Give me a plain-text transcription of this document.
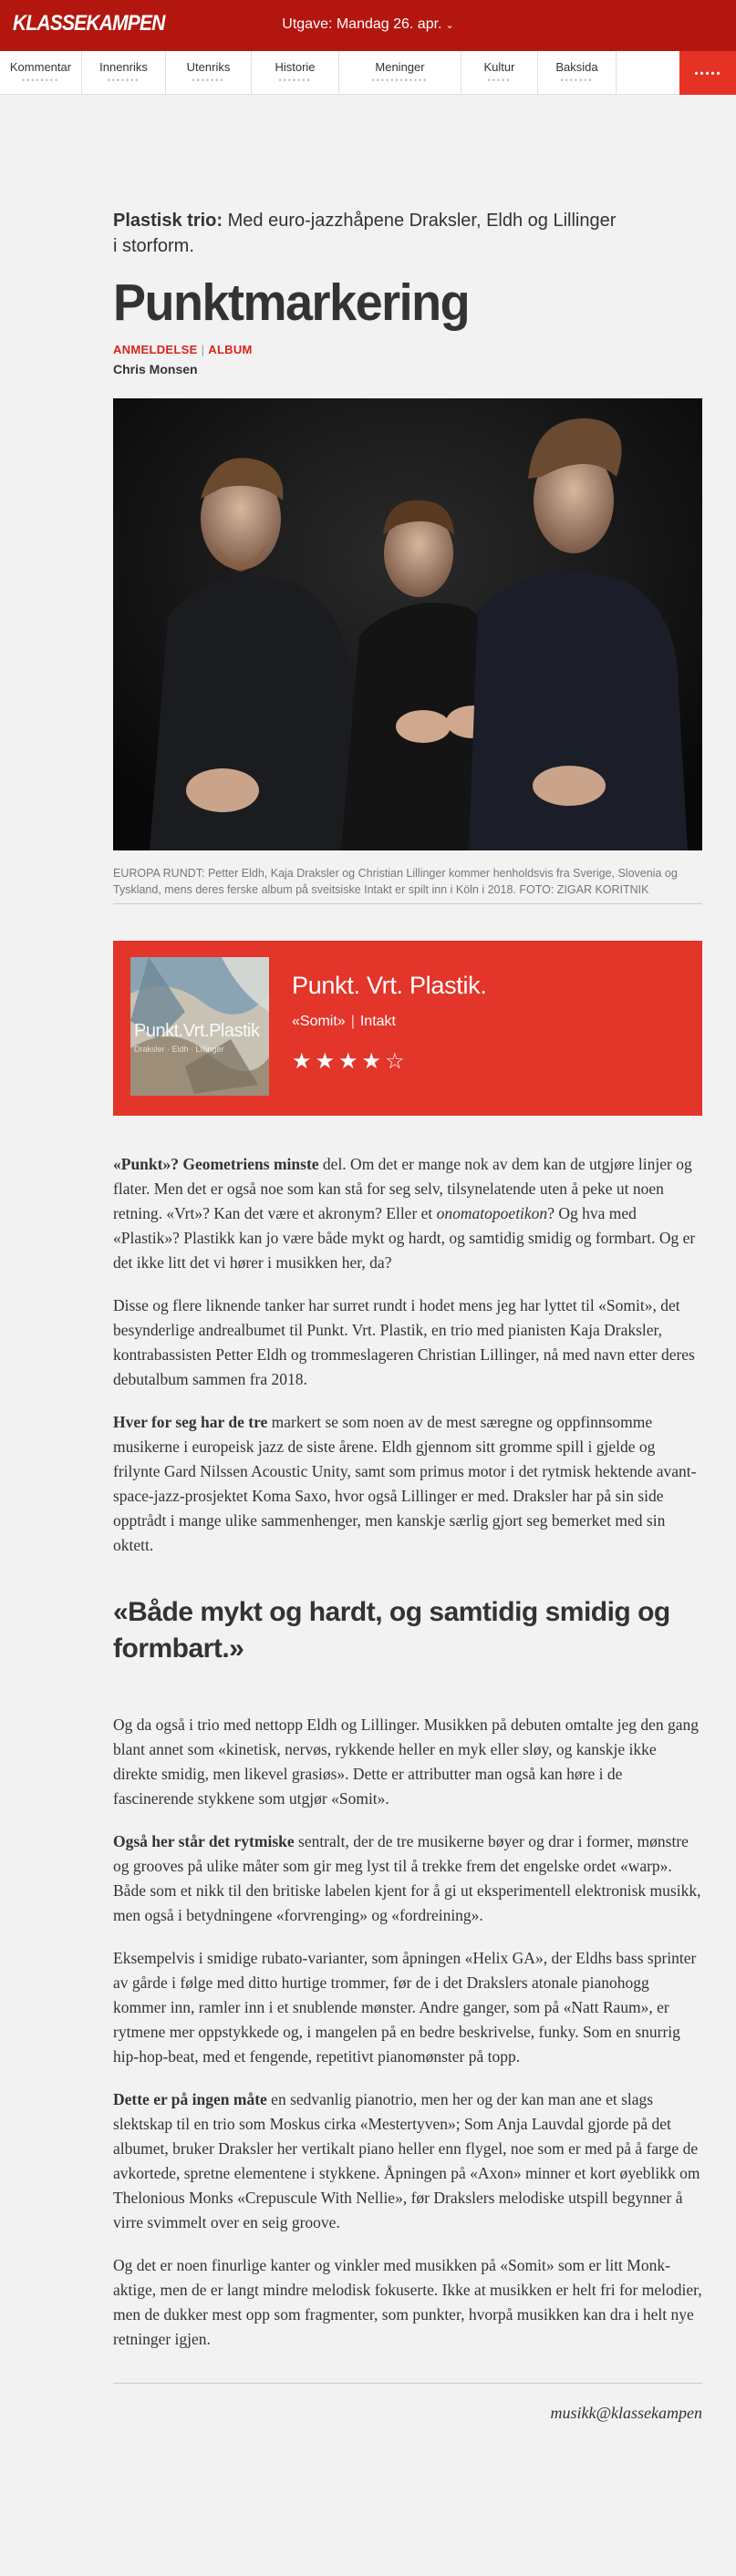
KLASSEKAMPEN	Utgave: Mandag 26. apr. ⌄
Kommentar
••••••••
Innenriks
•••••••
Utenriks
•••••••
Historie
•••••••
Meninger
••••••••••••
Kultur
•••••
Baksida
•••••••
.....
Plastisk trio: Med euro-jazzhåpene Draksler, Eldh og Lillinger i storform.
Punktmarkering
ANMELDELSE | ALBUM
Chris Monsen
EUROPA RUNDT: Petter Eldh, Kaja Draksler og Christian Lillinger kommer henholdsvis fra Sverige, Slovenia og Tyskland, mens deres ferske album på sveitsiske Intakt er spilt inn i Köln i 2018. FOTO: ZIGAR KORITNIK
Punkt.Vrt.Plastik
Draksler · Eldh · Lillinger
Punkt. Vrt. Plastik.
«Somit» | Intakt
★★★★☆

«Punkt»? Geometriens minste del. Om det er mange nok av dem kan de utgjøre linjer og flater. Men det er også noe som kan stå for seg selv, tilsynelatende uten å peke ut noen retning. «Vrt»? Kan det være et akronym? Eller et onomatopoetikon? Og hva med «Plastik»? Plastikk kan jo være både mykt og hardt, og samtidig smidig og formbart. Og er det ikke litt det vi hører i musikken her, da?

Disse og flere liknende tanker har surret rundt i hodet mens jeg har lyttet til «Somit», det besynderlige andrealbumet til Punkt. Vrt. Plastik, en trio med pianisten Kaja Draksler, kontrabassisten Petter Eldh og trommeslageren Christian Lillinger, nå med navn etter deres debutalbum sammen fra 2018.

Hver for seg har de tre markert se som noen av de mest særegne og oppfinnsomme musikerne i europeisk jazz de siste årene. Eldh gjennom sitt gromme spill i gjelde og frilynte Gard Nilssen Acoustic Unity, samt som primus motor i det rytmisk hektende avant-space-jazz-prosjektet Koma Saxo, hvor også Lillinger er med. Draksler har på sin side opptrådt i mange ulike sammenhenger, men kanskje særlig gjort seg bemerket med sin oktett.

«Både mykt og hardt, og samtidig smidig og formbart.»

Og da også i trio med nettopp Eldh og Lillinger. Musikken på debuten omtalte jeg den gang blant annet som «kinetisk, nervøs, rykkende heller en myk eller sløy, og kanskje ikke direkte smidig, men likevel grasiøs». Dette er attributter man også kan høre i de fascinerende stykkene som utgjør «Somit».

Også her står det rytmiske sentralt, der de tre musikerne bøyer og drar i former, mønstre og grooves på ulike måter som gir meg lyst til å trekke frem det engelske ordet «warp». Både som et nikk til den britiske labelen kjent for å gi ut eksperimentell elektronisk musikk, men også i betydningene «forvrenging» og «fordreining».

Eksempelvis i smidige rubato-varianter, som åpningen «Helix GA», der Eldhs bass sprinter av gårde i følge med ditto hurtige trommer, før de i det Drakslers atonale pianohogg kommer inn, ramler inn i et snublende mønster. Andre ganger, som på «Natt Raum», er rytmene mer oppstykkede og, i mangelen på en bedre beskrivelse, funky. Som en snurrig hip-hop-beat, med et fengende, repetitivt pianomønster på topp.

Dette er på ingen måte en sedvanlig pianotrio, men her og der kan man ane et slags slektskap til en trio som Moskus cirka «Mestertyven»; Som Anja Lauvdal gjorde på det albumet, bruker Draksler her vertikalt piano heller enn flygel, noe som er med på å farge de avkortede, spretne elementene i stykkene. Åpningen på «Axon» minner et kort øyeblikk om Thelonious Monks «Crepuscule With Nellie», før Drakslers melodiske utspill begynner å virre svimmelt over en seig groove.

Og det er noen finurlige kanter og vinkler med musikken på «Somit» som er litt Monk-aktige, men de er langt mindre melodisk fokuserte. Ikke at musikken er helt fri for melodier, men de dukker mest opp som fragmenter, som punkter, hvorpå musikken kan dra i helt nye retninger igjen.

musikk@klassekampen
